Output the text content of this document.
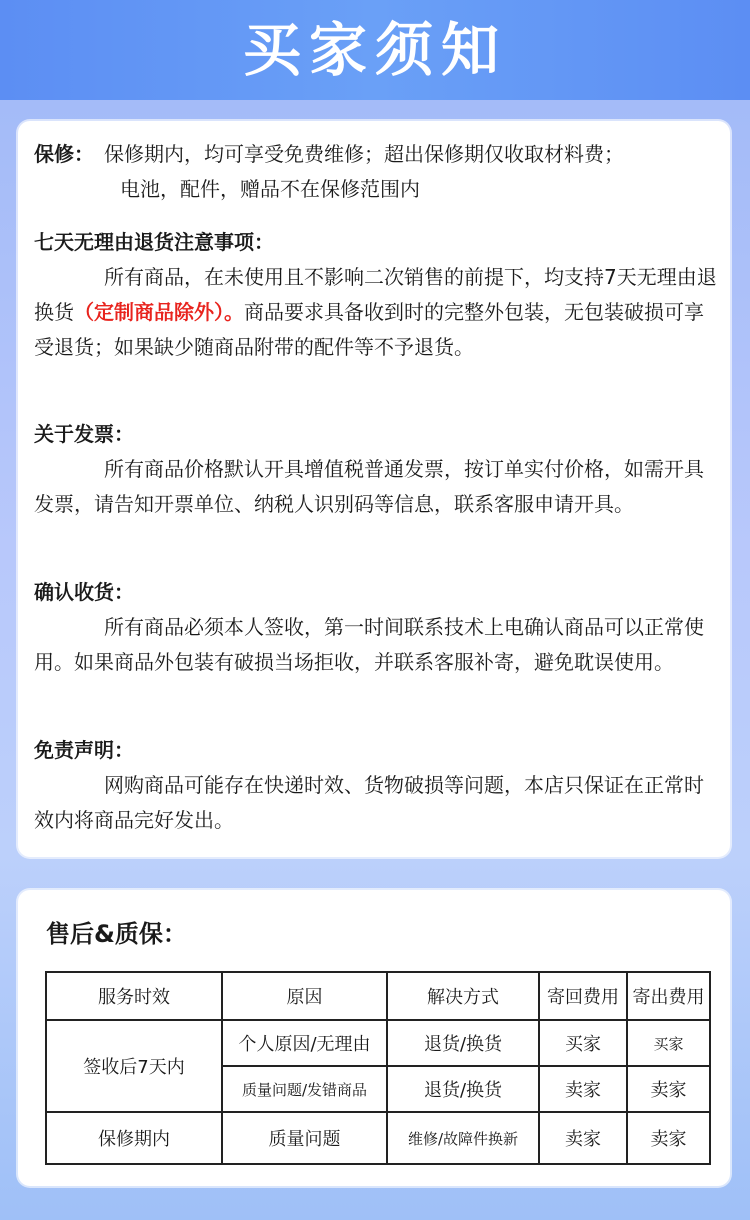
买家须知
保修： 保修期内，均可享受免费维修；超出保修期仅收取材料费；
电池，配件，赠品不在保修范围内
七天无理由退货注意事项：

所有商品，在未使用且不影响二次销售的前提下，均支持7天无理由退换货（定制商品除外）。商品要求具备收到时的完整外包装，无包装破损可享受退货；如果缺少随商品附带的配件等不予退货。

关于发票：

所有商品价格默认开具增值税普通发票，按订单实付价格，如需开具发票，请告知开票单位、纳税人识别码等信息，联系客服申请开具。

确认收货：

所有商品必须本人签收，第一时间联系技术上电确认商品可以正常使用。如果商品外包装有破损当场拒收，并联系客服补寄，避免耽误使用。

免责声明：

网购商品可能存在快递时效、货物破损等问题，本店只保证在正常时效内将商品完好发出。

售后&质保：
服务时效	原因	解决方式	寄回费用	寄出费用
签收后7天内	个人原因/无理由	退货/换货	买家	买家
	质量问题/发错商品	退货/换货	卖家	卖家
保修期内	质量问题	维修/故障件换新	卖家	卖家
